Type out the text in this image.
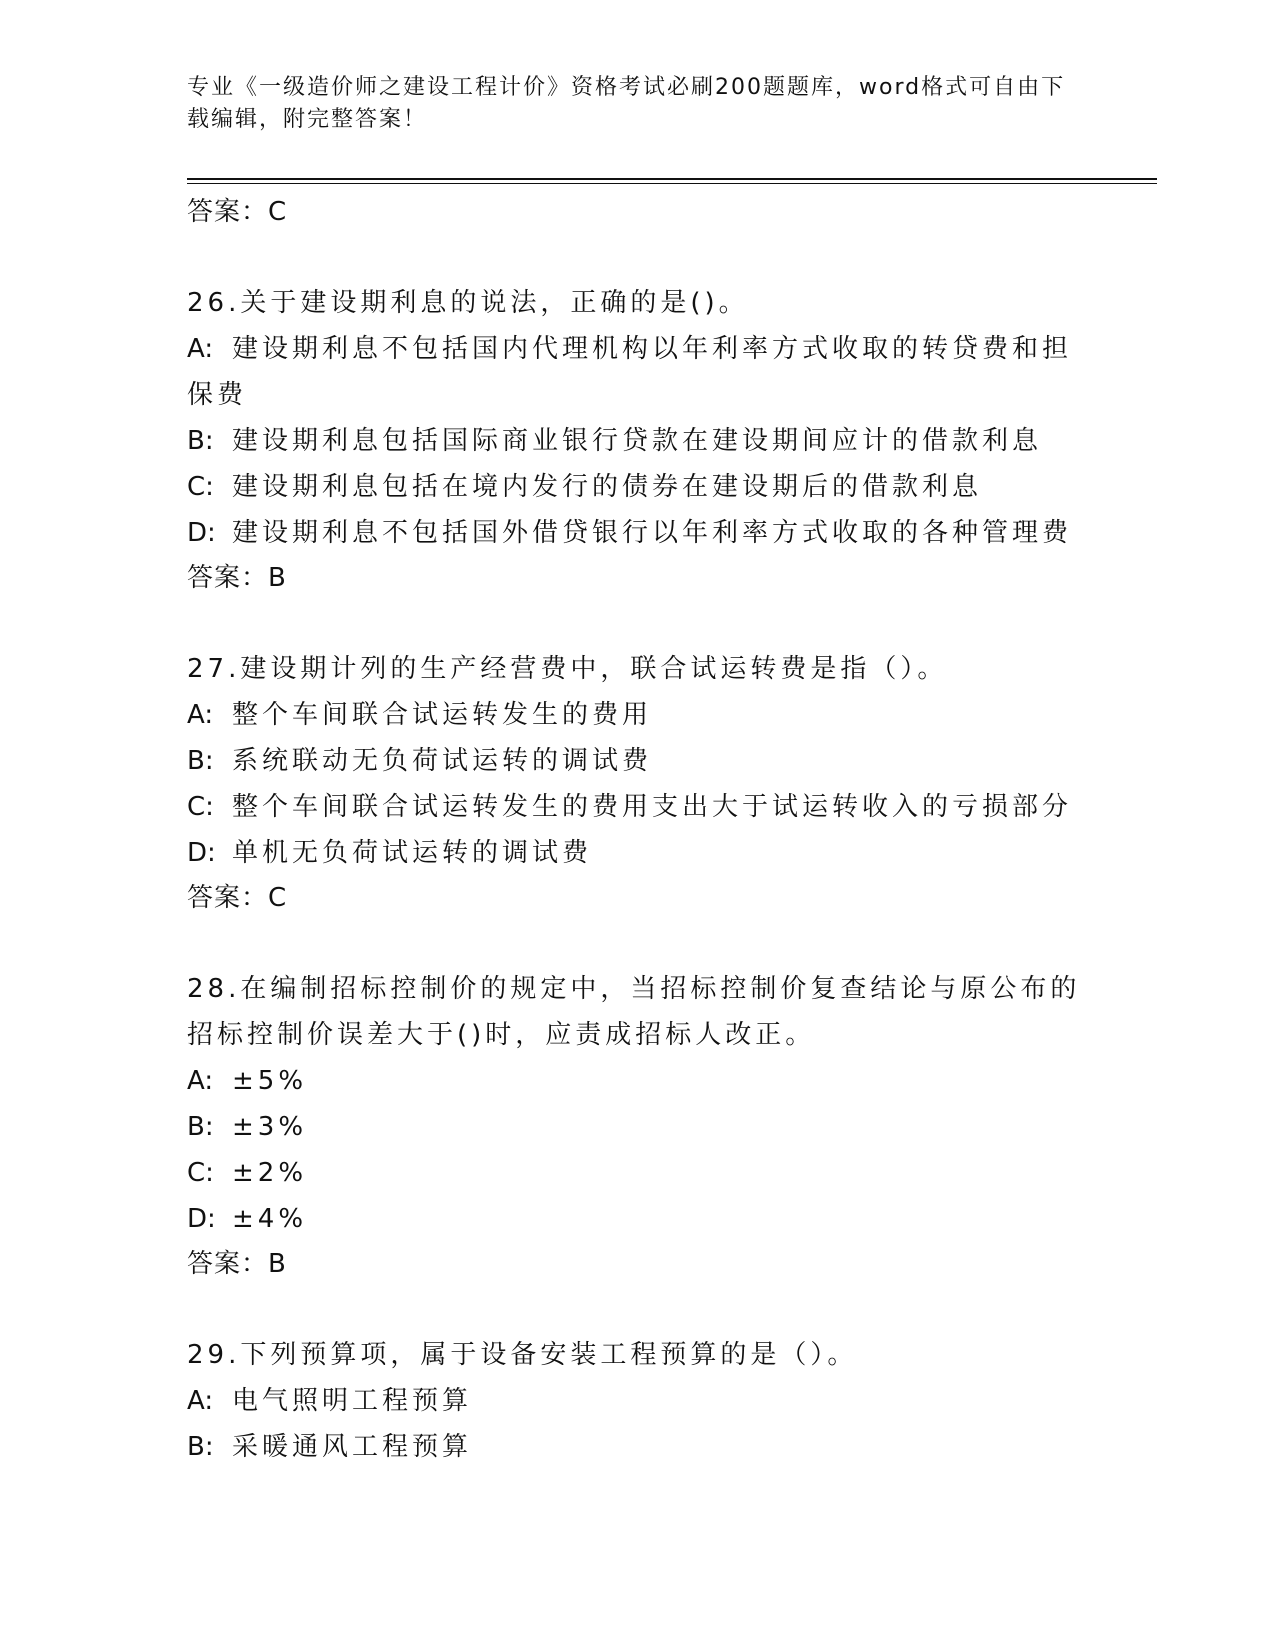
专业《一级造价师之建设工程计价》资格考试必刷200题题库，word格式可自由下载编辑，附完整答案！

答案：C

26.关于建设期利息的说法，正确的是()。

A: 建设期利息不包括国内代理机构以年利率方式收取的转贷费和担保费

B: 建设期利息包括国际商业银行贷款在建设期间应计的借款利息

C: 建设期利息包括在境内发行的债券在建设期后的借款利息

D: 建设期利息不包括国外借贷银行以年利率方式收取的各种管理费

答案：B

27.建设期计列的生产经营费中，联合试运转费是指（）。

A: 整个车间联合试运转发生的费用

B: 系统联动无负荷试运转的调试费

C: 整个车间联合试运转发生的费用支出大于试运转收入的亏损部分

D: 单机无负荷试运转的调试费

答案：C

28.在编制招标控制价的规定中，当招标控制价复查结论与原公布的招标控制价误差大于()时，应责成招标人改正。

A: ±5%

B: ±3%

C: ±2%

D: ±4%

答案：B

29.下列预算项，属于设备安装工程预算的是（）。

A: 电气照明工程预算

B: 采暖通风工程预算
